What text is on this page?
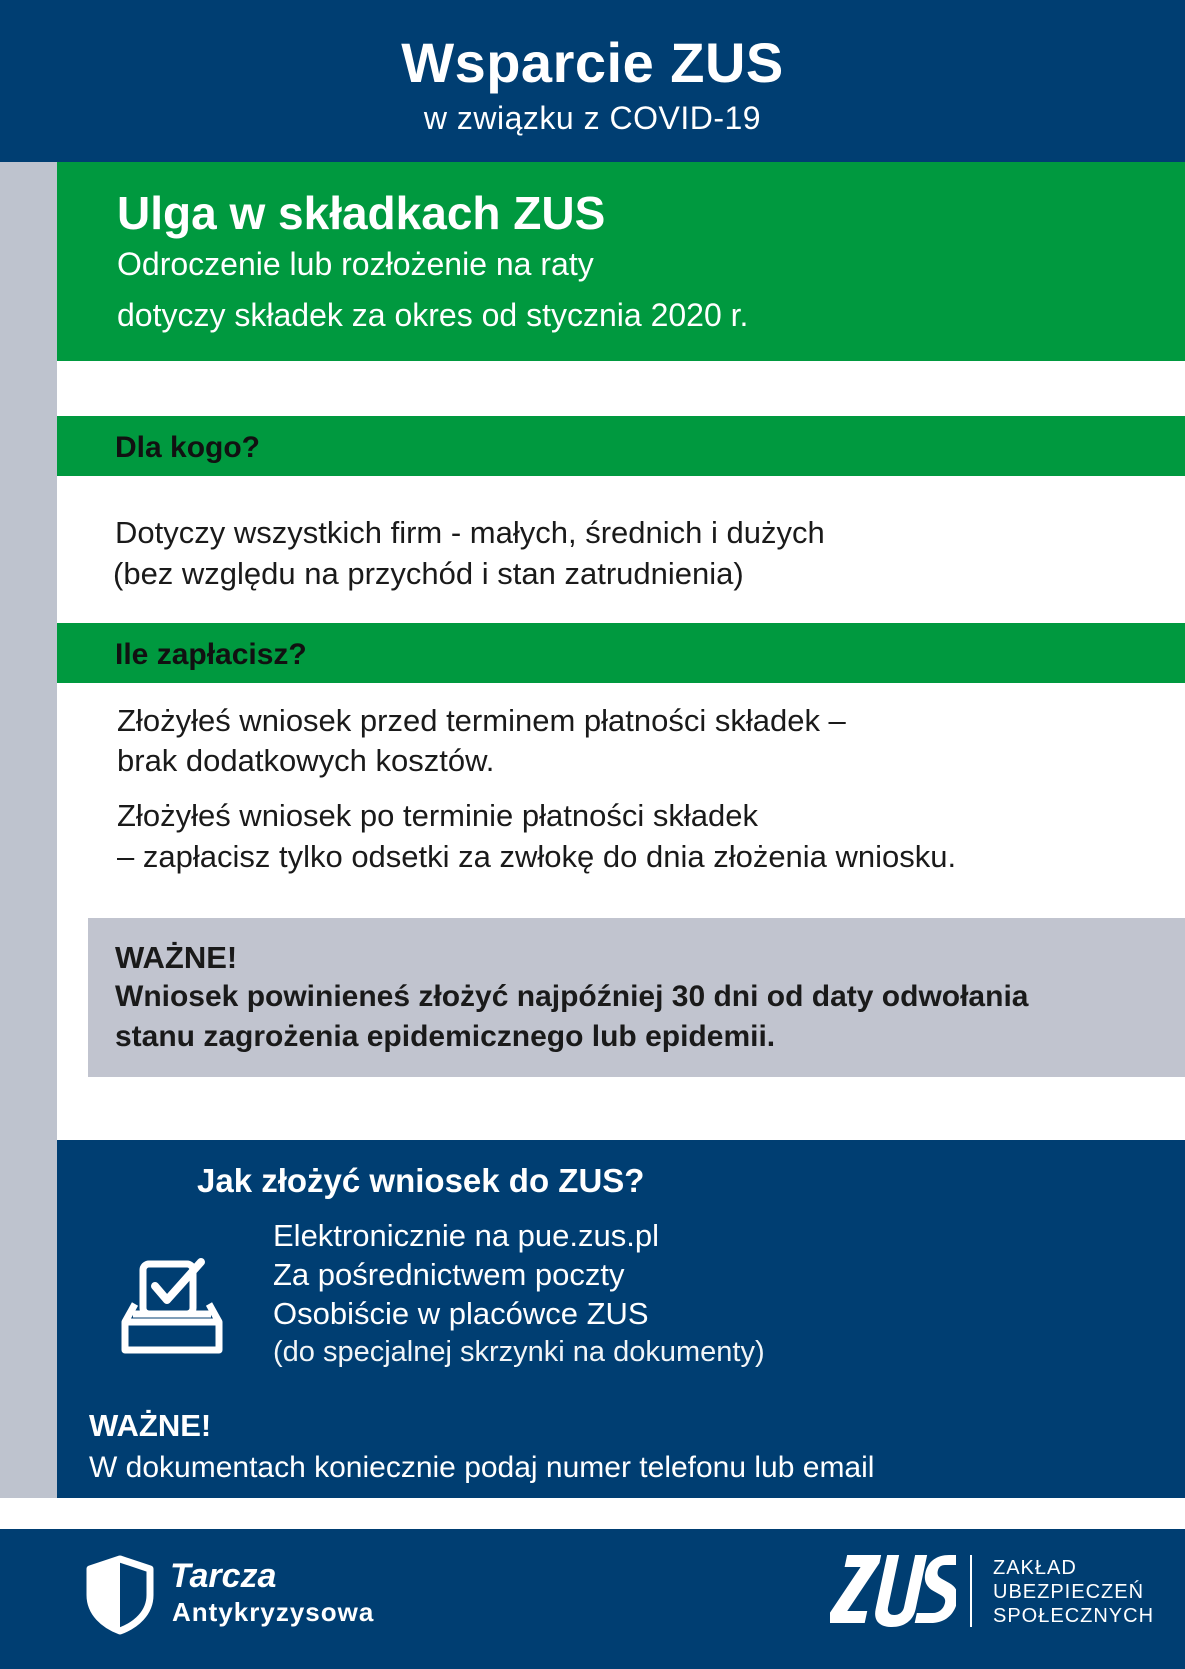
Wsparcie ZUS
w związku z COVID-19
Ulga w składkach ZUS
Odroczenie lub rozłożenie na raty
dotyczy składek za okres od stycznia 2020 r.
Dla kogo?
Dotyczy wszystkich firm - małych, średnich i dużych
(bez względu na przychód i stan zatrudnienia)
Ile zapłacisz?
Złożyłeś wniosek przed terminem płatności składek –
brak dodatkowych kosztów.
Złożyłeś wniosek po terminie płatności składek
– zapłacisz tylko odsetki za zwłokę do dnia złożenia wniosku.
WAŻNE!
Wniosek powinieneś złożyć najpóźniej 30 dni od daty odwołania
stanu zagrożenia epidemicznego lub epidemii.
Jak złożyć wniosek do ZUS?
Elektronicznie na pue.zus.pl
Za pośrednictwem poczty
Osobiście w placówce ZUS
(do specjalnej skrzynki na dokumenty)
WAŻNE!
W dokumentach koniecznie podaj numer telefonu lub email
Tarcza
Antykryzysowa
ZAKŁAD
UBEZPIECZEŃ
SPOŁECZNYCH
